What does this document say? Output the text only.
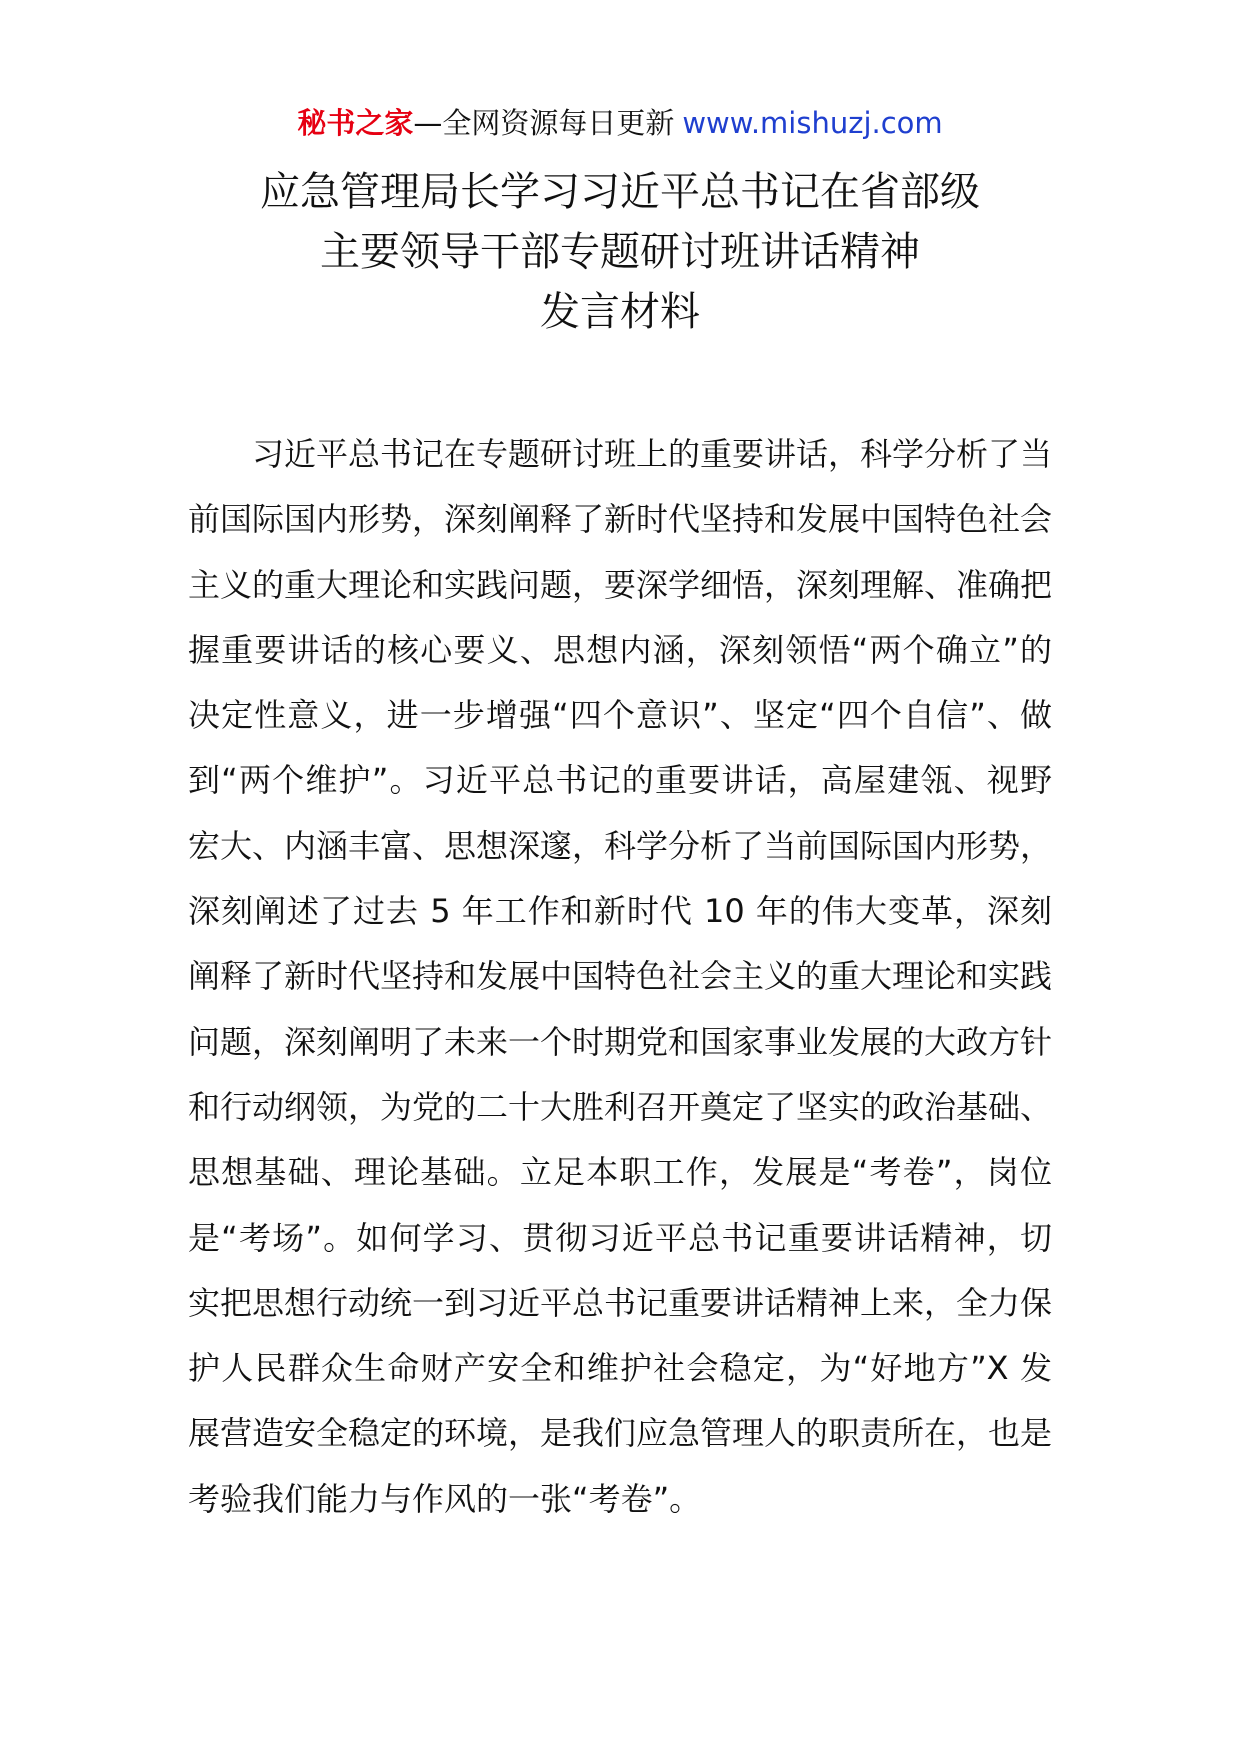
秘书之家—全网资源每日更新 www.mishuzj.com
应急管理局长学习习近平总书记在省部级
主要领导干部专题研讨班讲话精神
发言材料

习近平总书记在专题研讨班上的重要讲话，科学分析了当前国际国内形势，深刻阐释了新时代坚持和发展中国特色社会主义的重大理论和实践问题，要深学细悟，深刻理解、准确把握重要讲话的核心要义、思想内涵，深刻领悟“两个确立”的决定性意义，进一步增强“四个意识”、坚定“四个自信”、做到“两个维护”。习近平总书记的重要讲话，高屋建瓴、视野宏大、内涵丰富、思想深邃，科学分析了当前国际国内形势，深刻阐述了过去 5 年工作和新时代 10 年的伟大变革，深刻阐释了新时代坚持和发展中国特色社会主义的重大理论和实践问题，深刻阐明了未来一个时期党和国家事业发展的大政方针和行动纲领，为党的二十大胜利召开奠定了坚实的政治基础、思想基础、理论基础。立足本职工作，发展是“考卷”，岗位是“考场”。如何学习、贯彻习近平总书记重要讲话精神，切实把思想行动统一到习近平总书记重要讲话精神上来，全力保护人民群众生命财产安全和维护社会稳定，为“好地方”X 发展营造安全稳定的环境，是我们应急管理人的职责所在，也是考验我们能力与作风的一张“考卷”。
